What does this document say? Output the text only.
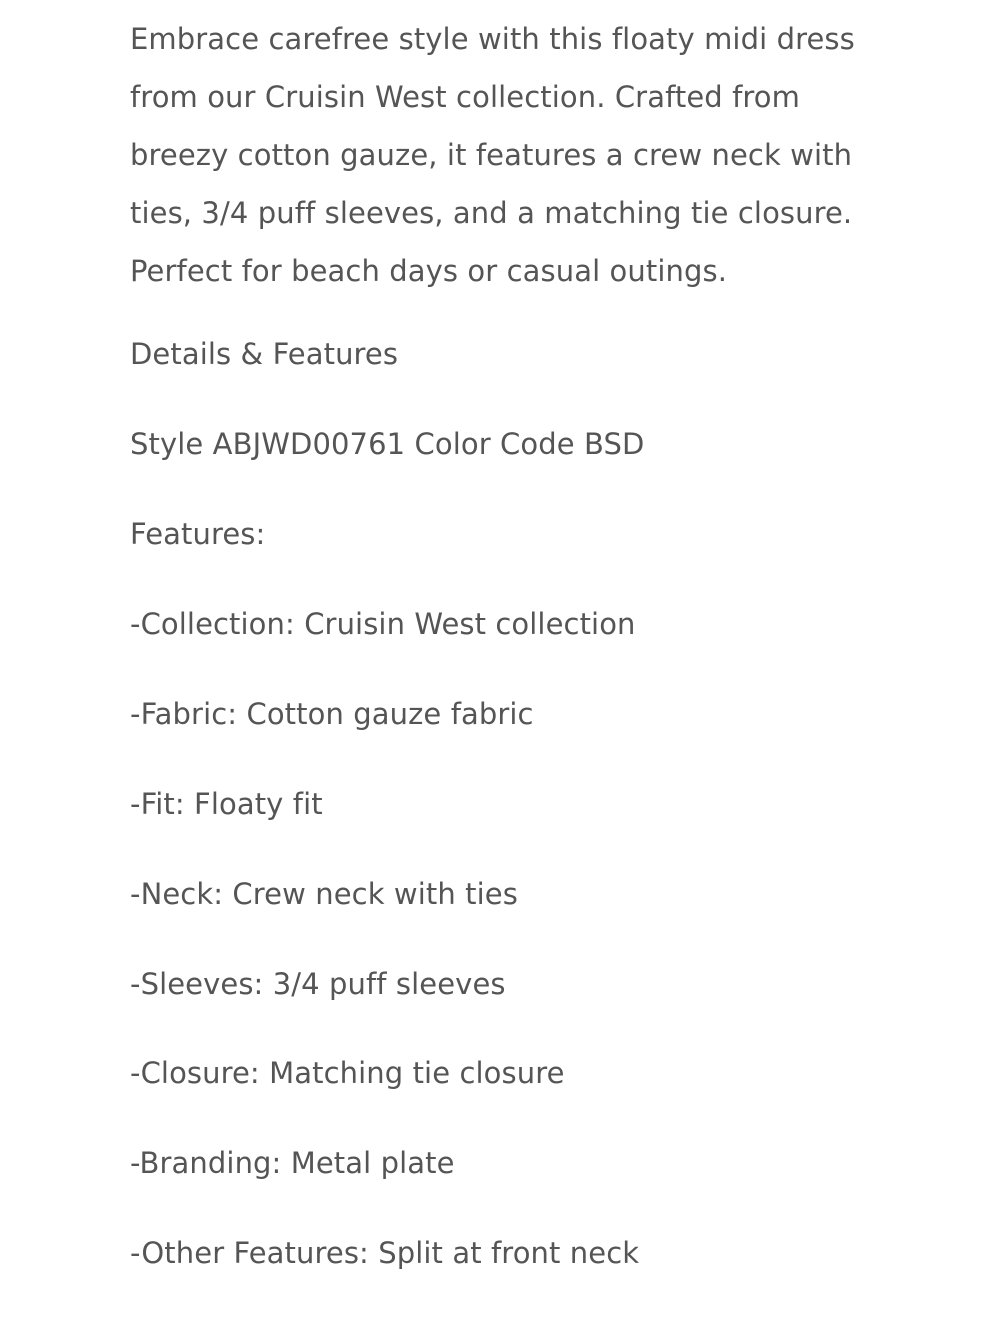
Embrace carefree style with this floaty midi dress from our Cruisin West collection. Crafted from breezy cotton gauze, it features a crew neck with ties, 3/4 puff sleeves, and a matching tie closure. Perfect for beach days or casual outings.

Details & Features

Style ABJWD00761 Color Code BSD

Features:

-Collection: Cruisin West collection

-Fabric: Cotton gauze fabric

-Fit: Floaty fit

-Neck: Crew neck with ties

-Sleeves: 3/4 puff sleeves

-Closure: Matching tie closure

-Branding: Metal plate

-Other Features: Split at front neck
